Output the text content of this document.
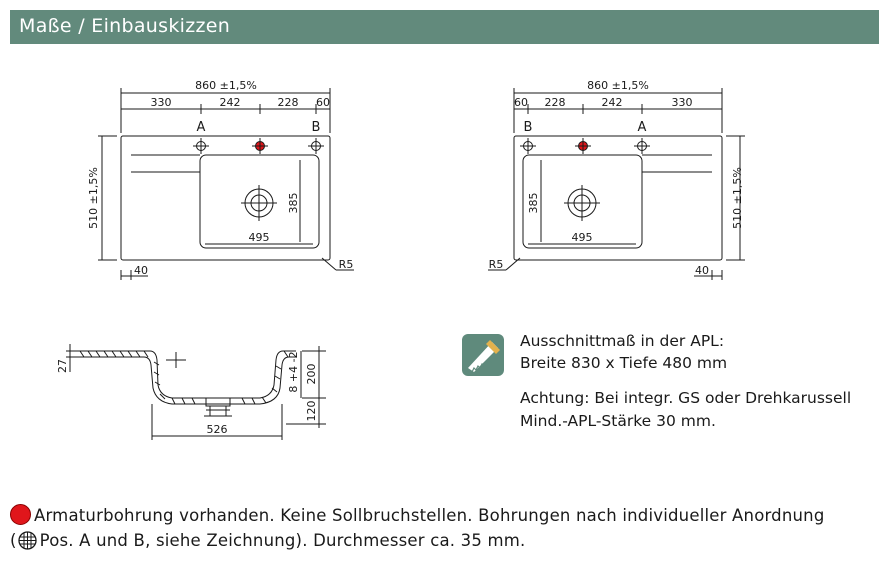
Maße / Einbauskizzen
860 ±1,5%
330	242	228 60
A	B
495
385
510 ±1,5%
40	R5
860 ±1,5%
60 228	242	330
B	A
495
385	510 ±1,5%
40
R5
27	8 +4 -2 200
120
526
Ausschnittmaß in der APL:
Breite 830 x Tiefe 480 mm
Achtung: Bei integr. GS oder Drehkarussell
Mind.-APL-Stärke 30 mm.
Armaturbohrung vorhanden. Keine Sollbruchstellen. Bohrungen nach individueller Anordnung
( Pos. A und B, siehe Zeichnung). Durchmesser ca. 35 mm.
